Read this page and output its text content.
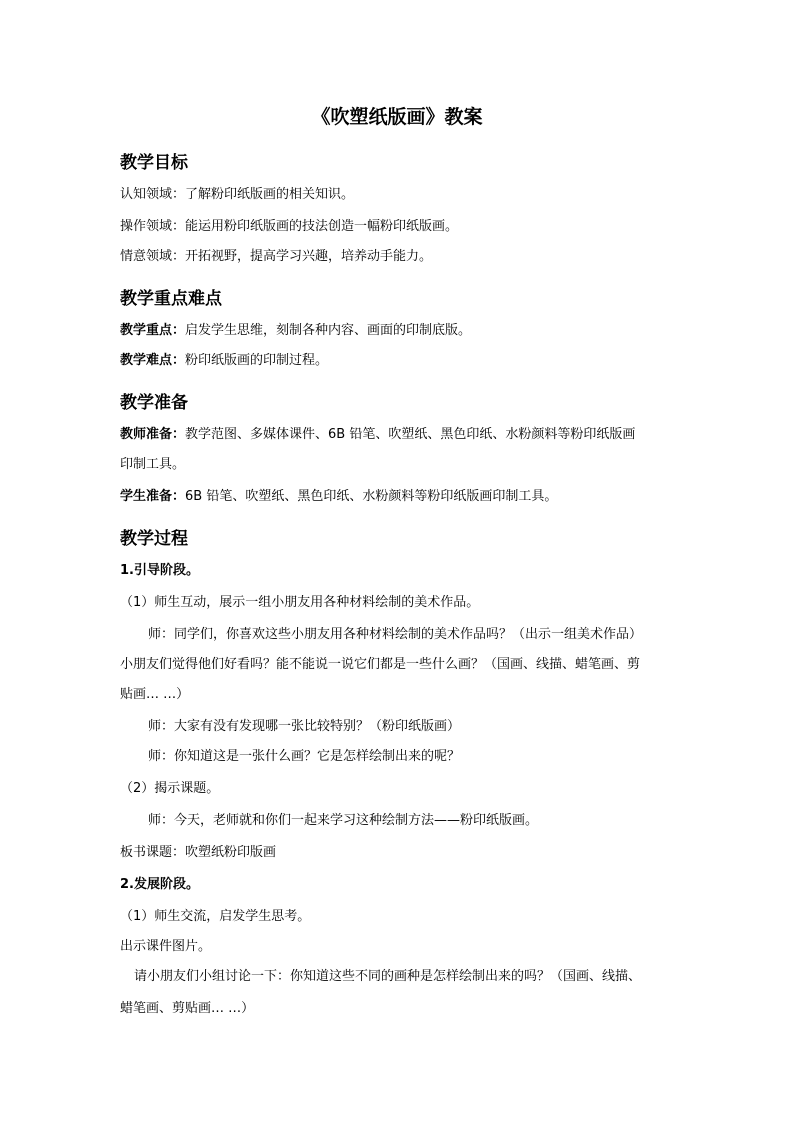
《吹塑纸版画》教案
教学目标
认知领域：了解粉印纸版画的相关知识。
操作领域：能运用粉印纸版画的技法创造一幅粉印纸版画。
情意领域：开拓视野，提高学习兴趣，培养动手能力。
教学重点难点
教学重点：启发学生思维，刻制各种内容、画面的印制底版。
教学难点：粉印纸版画的印制过程。
教学准备
教师准备：教学范图、多媒体课件、6B 铅笔、吹塑纸、黑色印纸、水粉颜料等粉印纸版画
印制工具。
学生准备：6B 铅笔、吹塑纸、黑色印纸、水粉颜料等粉印纸版画印制工具。
教学过程
1.引导阶段。
（1）师生互动，展示一组小朋友用各种材料绘制的美术作品。
师：同学们，你喜欢这些小朋友用各种材料绘制的美术作品吗？（出示一组美术作品）
小朋友们觉得他们好看吗？能不能说一说它们都是一些什么画？（国画、线描、蜡笔画、剪
贴画… …）
师：大家有没有发现哪一张比较特别？（粉印纸版画）
师：你知道这是一张什么画？它是怎样绘制出来的呢？
（2）揭示课题。
师：今天，老师就和你们一起来学习这种绘制方法——粉印纸版画。
板书课题：吹塑纸粉印版画
2.发展阶段。
（1）师生交流，启发学生思考。
出示课件图片。
请小朋友们小组讨论一下：你知道这些不同的画种是怎样绘制出来的吗？（国画、线描、
蜡笔画、剪贴画… …）
